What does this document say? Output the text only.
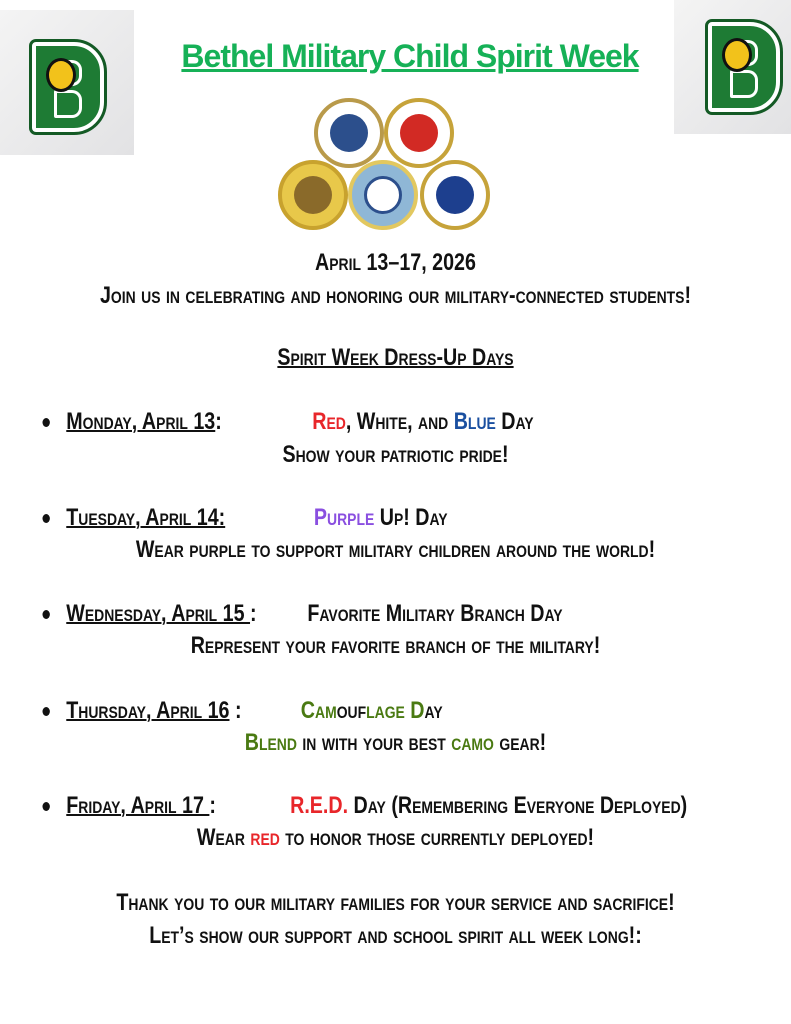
Bethel Military Child Spirit Week
April 13–17, 2026
Join us in celebrating and honoring our military-connected students!
Spirit Week Dress-Up Days
Monday, April 13:	Red, White, and Blue Day
Show your patriotic pride!
Tuesday, April 14:	Purple Up! Day
Wear purple to support military children around the world!
Wednesday, April 15 : Favorite Military Branch Day
Represent your favorite branch of the military!
Thursday, April 16 : Camouflage Day
Blend in with your best camo gear!
Friday, April 17 :	R.E.D. Day (Remembering Everyone Deployed)
Wear red to honor those currently deployed!
Thank you to our military families for your service and sacrifice!
Let’s show our support and school spirit all week long!:
